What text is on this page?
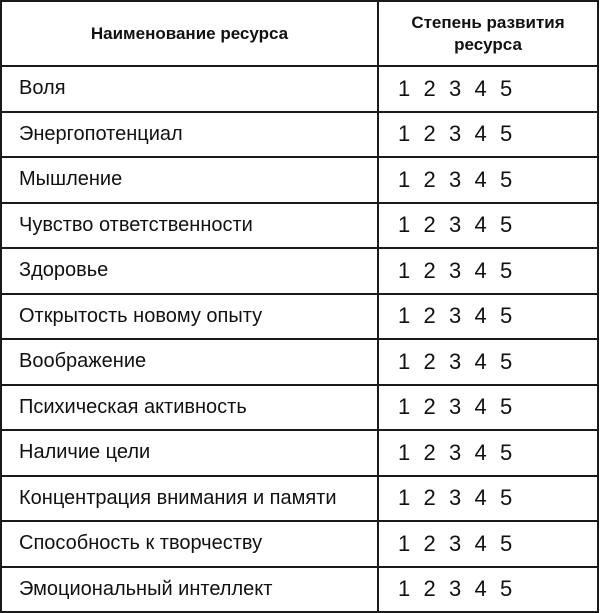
Наименование ресурса	Степень развития
ресурса
Воля	1 2 3 4 5
Энергопотенциал	1 2 3 4 5
Мышление	1 2 3 4 5
Чувство ответственности	1 2 3 4 5
Здоровье	1 2 3 4 5
Открытость новому опыту	1 2 3 4 5
Воображение	1 2 3 4 5
Психическая активность	1 2 3 4 5
Наличие цели	1 2 3 4 5
Концентрация внимания и памяти	1 2 3 4 5
Способность к творчеству	1 2 3 4 5
Эмоциональный интеллект	1 2 3 4 5
